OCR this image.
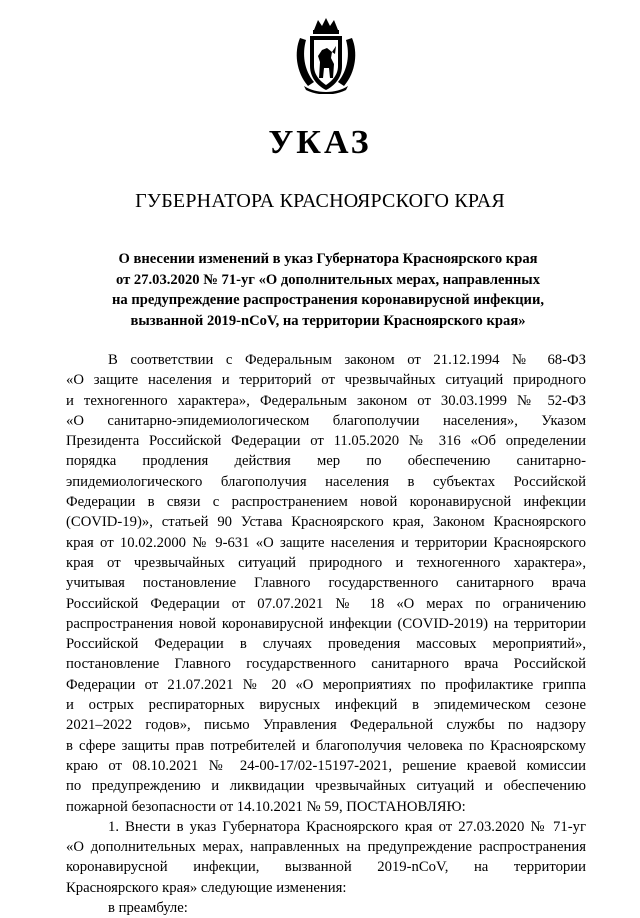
УКАЗ
ГУБЕРНАТОРА КРАСНОЯРСКОГО КРАЯ
О внесении изменений в указ Губернатора Красноярского края
от 27.03.2020 № 71-уг «О дополнительных мерах, направленных
на предупреждение распространения коронавирусной инфекции,
вызванной 2019-nCoV, на территории Красноярского края»
В соответствии с Федеральным законом от 21.12.1994 № 68-ФЗ
«О защите населения и территорий от чрезвычайных ситуаций природного
и техногенного характера», Федеральным законом от 30.03.1999 № 52-ФЗ
«О санитарно-эпидемиологическом благополучии населения», Указом
Президента Российской Федерации от 11.05.2020 № 316 «Об определении
порядка продления действия мер по обеспечению санитарно-
эпидемиологического благополучия населения в субъектах Российской
Федерации в связи с распространением новой коронавирусной инфекции
(COVID-19)», статьей 90 Устава Красноярского края, Законом Красноярского
края от 10.02.2000 № 9-631 «О защите населения и территории Красноярского
края от чрезвычайных ситуаций природного и техногенного характера»,
учитывая постановление Главного государственного санитарного врача
Российской Федерации от 07.07.2021 № 18 «О мерах по ограничению
распространения новой коронавирусной инфекции (COVID-2019) на территории
Российской Федерации в случаях проведения массовых мероприятий»,
постановление Главного государственного санитарного врача Российской
Федерации от 21.07.2021 № 20 «О мероприятиях по профилактике гриппа
и острых респираторных вирусных инфекций в эпидемическом сезоне
2021–2022 годов», письмо Управления Федеральной службы по надзору
в сфере защиты прав потребителей и благополучия человека по Красноярскому
краю от 08.10.2021 № 24-00-17/02-15197-2021, решение краевой комиссии
по предупреждению и ликвидации чрезвычайных ситуаций и обеспечению
пожарной безопасности от 14.10.2021 № 59, ПОСТАНОВЛЯЮ:
1. Внести в указ Губернатора Красноярского края от 27.03.2020 № 71-уг
«О дополнительных мерах, направленных на предупреждение распространения
коронавирусной инфекции, вызванной 2019-nCoV, на территории
Красноярского края» следующие изменения:
в преамбуле:
